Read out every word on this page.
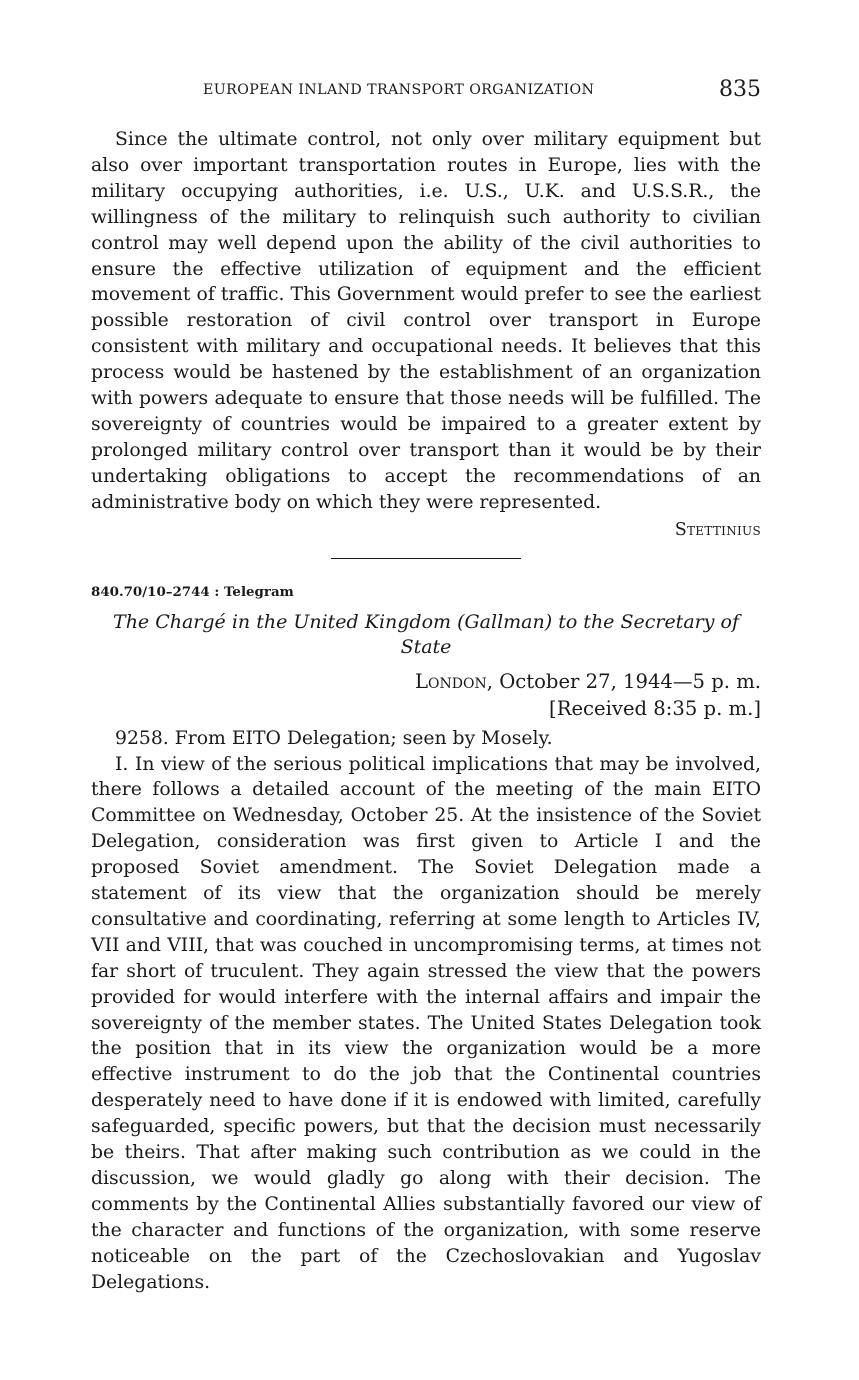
EUROPEAN INLAND TRANSPORT ORGANIZATION	835

Since the ultimate control, not only over military equipment but also over important transportation routes in Europe, lies with the military occupying authorities, i.e. U.S., U.K. and U.S.S.R., the willingness of the military to relinquish such authority to civilian control may well depend upon the ability of the civil authorities to ensure the effective utilization of equipment and the efficient movement of traffic. This Government would prefer to see the earliest possible restoration of civil control over transport in Europe consistent with military and occupational needs. It believes that this process would be hastened by the establishment of an organization with powers adequate to ensure that those needs will be fulfilled. The sovereignty of countries would be impaired to a greater extent by prolonged military control over transport than it would be by their undertaking obligations to accept the recommendations of an administrative body on which they were represented.

Stettinius
840.70/10–2744 : Telegram
The Chargé in the United Kingdom (Gallman) to the Secretary of State
London, October 27, 1944—5 p. m.
[Received 8:35 p. m.]

9258. From EITO Delegation; seen by Mosely.

I. In view of the serious political implications that may be involved, there follows a detailed account of the meeting of the main EITO Committee on Wednesday, October 25. At the insistence of the Soviet Delegation, consideration was first given to Article I and the proposed Soviet amendment. The Soviet Delegation made a statement of its view that the organization should be merely consultative and coordinating, referring at some length to Articles IV, VII and VIII, that was couched in uncompromising terms, at times not far short of truculent. They again stressed the view that the powers provided for would interfere with the internal affairs and impair the sovereignty of the member states. The United States Delegation took the position that in its view the organization would be a more effective instrument to do the job that the Continental countries desperately need to have done if it is endowed with limited, carefully safeguarded, specific powers, but that the decision must necessarily be theirs. That after making such contribution as we could in the discussion, we would gladly go along with their decision. The comments by the Continental Allies substantially favored our view of the character and functions of the organization, with some reserve noticeable on the part of the Czechoslovakian and Yugoslav Delegations.
